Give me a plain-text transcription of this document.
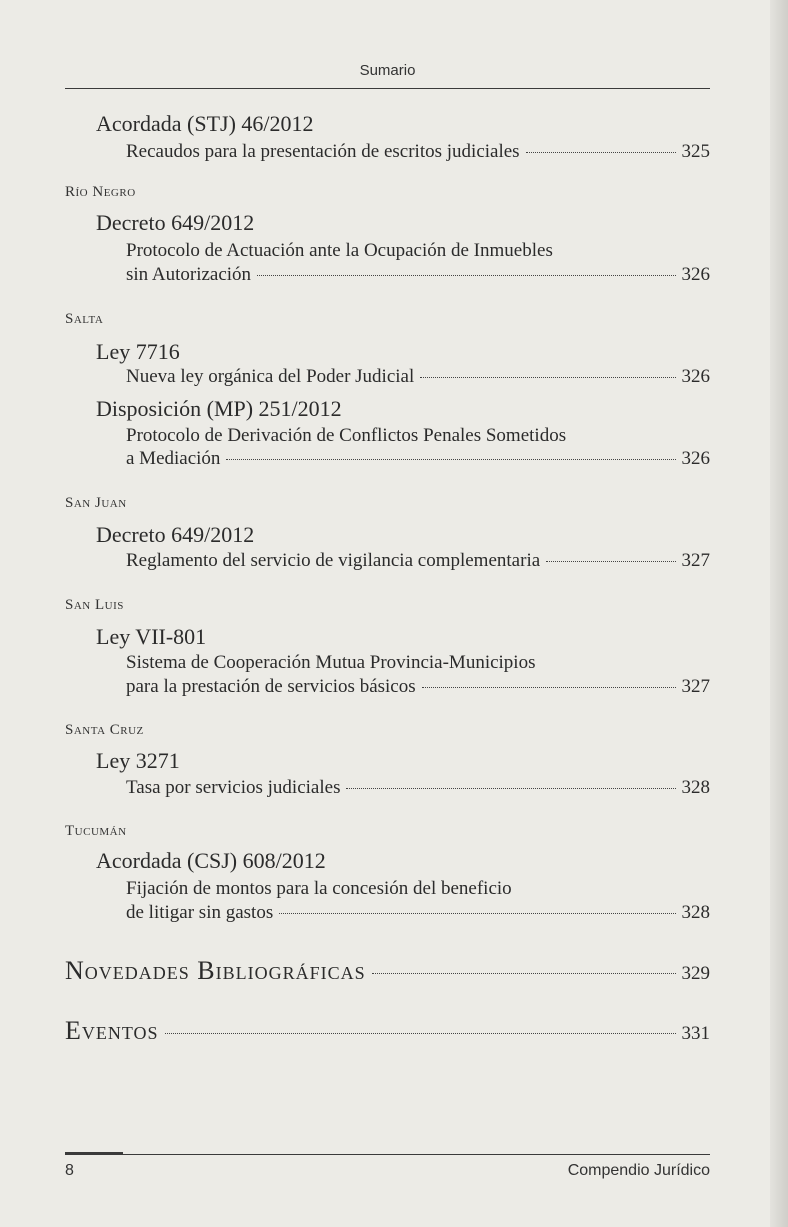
Sumario
Acordada (STJ) 46/2012
Recaudos para la presentación de escritos judiciales	325
Río Negro
Decreto 649/2012
Protocolo de Actuación ante la Ocupación de Inmuebles
sin Autorización	326
Salta
Ley 7716
Nueva ley orgánica del Poder Judicial	326
Disposición (MP) 251/2012
Protocolo de Derivación de Conflictos Penales Sometidos
a Mediación	326
San Juan
Decreto 649/2012
Reglamento del servicio de vigilancia complementaria	327
San Luis
Ley VII-801
Sistema de Cooperación Mutua Provincia-Municipios
para la prestación de servicios básicos	327
Santa Cruz
Ley 3271
Tasa por servicios judiciales	328
Tucumán
Acordada (CSJ) 608/2012
Fijación de montos para la concesión del beneficio
de litigar sin gastos	328
Novedades Bibliográficas	329
Eventos	331
8	Compendio Jurídico
